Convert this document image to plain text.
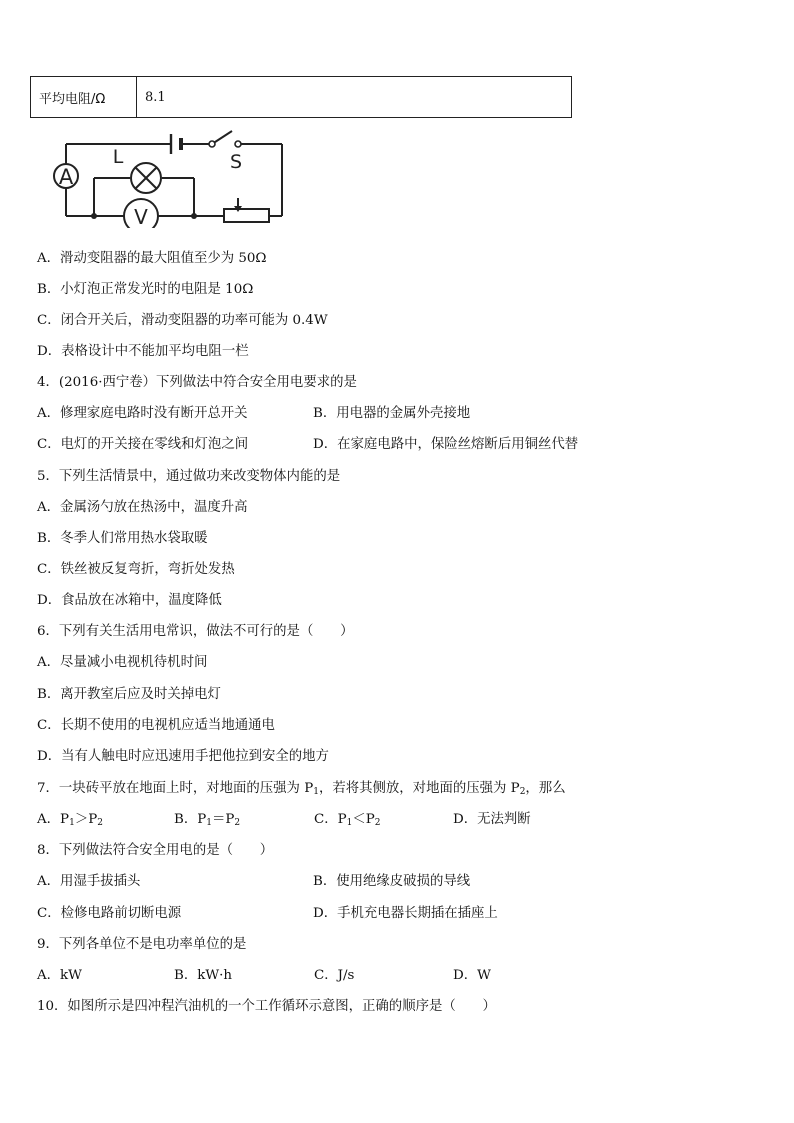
平均电阻/Ω	8.1
A
L
V
S
A．滑动变阻器的最大阻值至少为 50Ω
B．小灯泡正常发光时的电阻是 10Ω
C．闭合开关后，滑动变阻器的功率可能为 0.4W
D．表格设计中不能加平均电阻一栏
4．(2016·西宁卷）下列做法中符合安全用电要求的是
A．修理家庭电路时没有断开总开关	B．用电器的金属外壳接地
C．电灯的开关接在零线和灯泡之间	D．在家庭电路中，保险丝熔断后用铜丝代替
5．下列生活情景中，通过做功来改变物体内能的是
A．金属汤勺放在热汤中，温度升高
B．冬季人们常用热水袋取暖
C．铁丝被反复弯折，弯折处发热
D．食品放在冰箱中，温度降低
6．下列有关生活用电常识，做法不可行的是（　　）
A．尽量减小电视机待机时间
B．离开教室后应及时关掉电灯
C．长期不使用的电视机应适当地通通电
D．当有人触电时应迅速用手把他拉到安全的地方
7．一块砖平放在地面上时，对地面的压强为 $P_1$，若将其侧放，对地面的压强为 $P_2$，那么
A．$P_1>P_2$	B．$P_1=P_2$	C．$P_1<P_2$	D．无法判断
8．下列做法符合安全用电的是（　　）
A．用湿手拔插头	B．使用绝缘皮破损的导线
C．检修电路前切断电源	D．手机充电器长期插在插座上
9．下列各单位不是电功率单位的是
A．kW	B．kW·h	C．J/s	D．W
10．如图所示是四冲程汽油机的一个工作循环示意图，正确的顺序是（　　）
